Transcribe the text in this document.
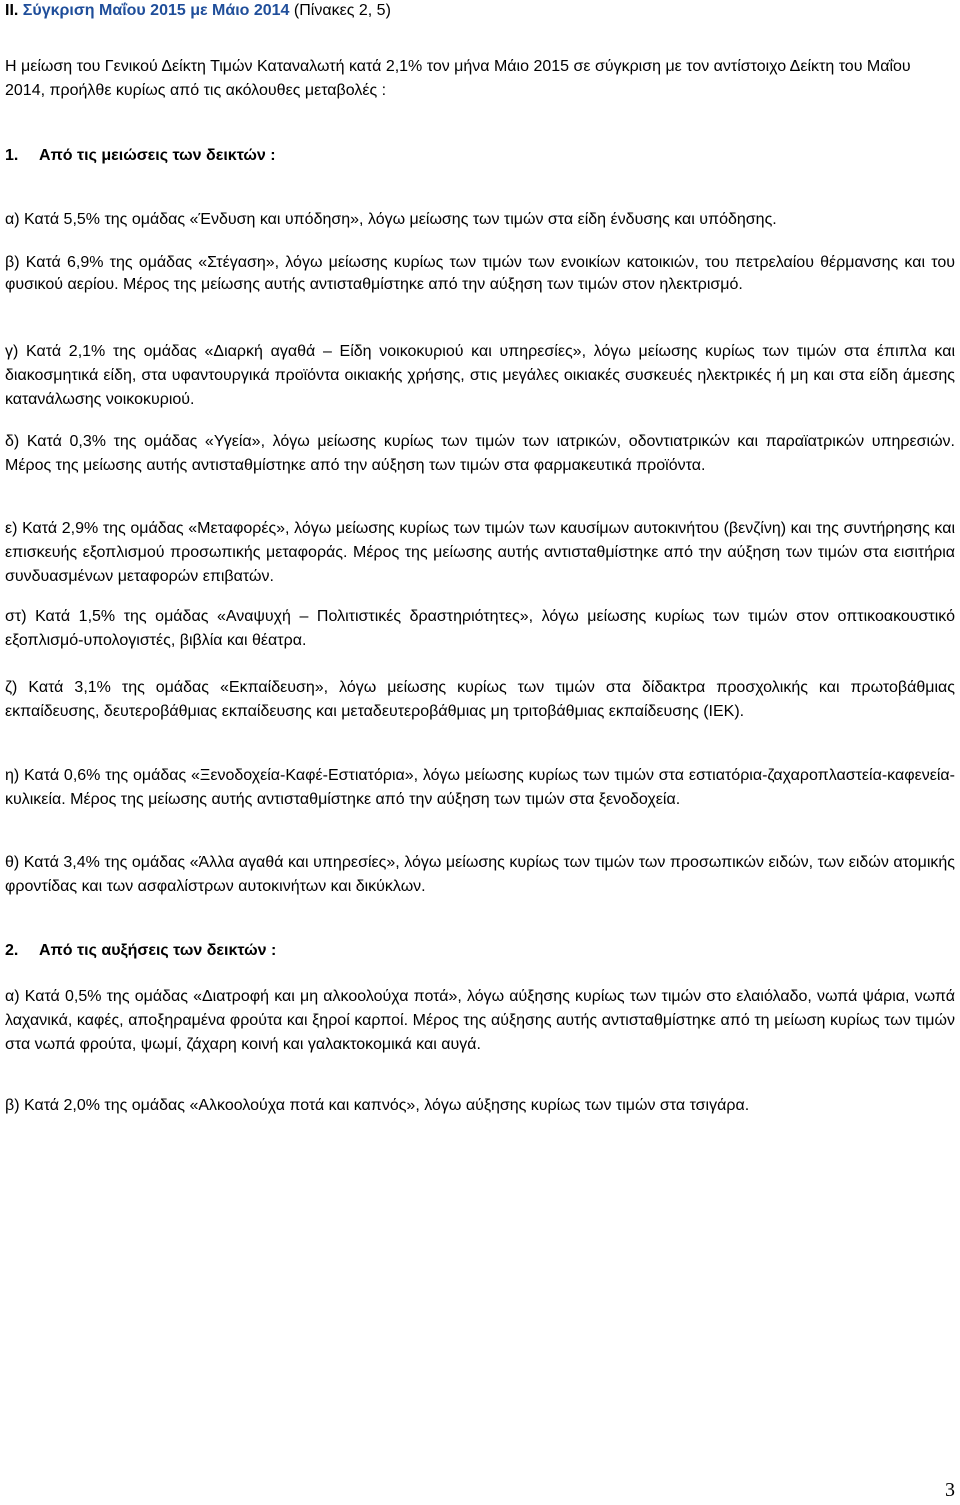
II. Σύγκριση Μαΐου 2015 με Μάιο 2014 (Πίνακες 2, 5)
Η μείωση του Γενικού Δείκτη Τιμών Καταναλωτή κατά 2,1% τον μήνα Μάιο 2015 σε σύγκριση με τον αντίστοιχο Δείκτη του Μαΐου 2014, προήλθε κυρίως από τις ακόλουθες μεταβολές :
1. Από τις μειώσεις των δεικτών :
α) Κατά 5,5% της ομάδας «Ένδυση και υπόδηση», λόγω μείωσης των τιμών στα είδη ένδυσης και υπόδησης.
β) Κατά 6,9% της ομάδας «Στέγαση», λόγω μείωσης κυρίως των τιμών των ενοικίων κατοικιών, του πετρελαίου θέρμανσης και του φυσικού αερίου. Μέρος της μείωσης αυτής αντισταθμίστηκε από την αύξηση των τιμών στον ηλεκτρισμό.
γ) Κατά 2,1% της ομάδας «Διαρκή αγαθά – Είδη νοικοκυριού και υπηρεσίες», λόγω μείωσης κυρίως των τιμών στα έπιπλα και διακοσμητικά είδη, στα υφαντουργικά προϊόντα οικιακής χρήσης, στις μεγάλες οικιακές συσκευές ηλεκτρικές ή μη και στα είδη άμεσης κατανάλωσης νοικοκυριού.
δ) Κατά 0,3% της ομάδας «Υγεία», λόγω μείωσης κυρίως των τιμών των ιατρικών, οδοντιατρικών και παραϊατρικών υπηρεσιών. Μέρος της μείωσης αυτής αντισταθμίστηκε από την αύξηση των τιμών στα φαρμακευτικά προϊόντα.
ε) Κατά 2,9% της ομάδας «Μεταφορές», λόγω μείωσης κυρίως των τιμών των καυσίμων αυτοκινήτου (βενζίνη) και της συντήρησης και επισκευής εξοπλισμού προσωπικής μεταφοράς. Μέρος της μείωσης αυτής αντισταθμίστηκε από την αύξηση των τιμών στα εισιτήρια συνδυασμένων μεταφορών επιβατών.
στ) Κατά 1,5% της ομάδας «Αναψυχή – Πολιτιστικές δραστηριότητες», λόγω μείωσης κυρίως των τιμών στον οπτικοακουστικό εξοπλισμό-υπολογιστές, βιβλία και θέατρα.
ζ) Κατά 3,1% της ομάδας «Εκπαίδευση», λόγω μείωσης κυρίως των τιμών στα δίδακτρα προσχολικής και πρωτοβάθμιας εκπαίδευσης, δευτεροβάθμιας εκπαίδευσης και μεταδευτεροβάθμιας μη τριτοβάθμιας εκπαίδευσης (ΙΕΚ).
η) Κατά 0,6% της ομάδας «Ξενοδοχεία-Καφέ-Εστιατόρια», λόγω μείωσης κυρίως των τιμών στα εστιατόρια-ζαχαροπλαστεία-καφενεία-κυλικεία. Μέρος της μείωσης αυτής αντισταθμίστηκε από την αύξηση των τιμών στα ξενοδοχεία.
θ) Κατά 3,4% της ομάδας «Άλλα αγαθά και υπηρεσίες», λόγω μείωσης κυρίως των τιμών των προσωπικών ειδών, των ειδών ατομικής φροντίδας και των ασφαλίστρων αυτοκινήτων και δικύκλων.
2. Από τις αυξήσεις των δεικτών :
α) Κατά 0,5% της ομάδας «Διατροφή και μη αλκοολούχα ποτά», λόγω αύξησης κυρίως των τιμών στο ελαιόλαδο, νωπά ψάρια, νωπά λαχανικά, καφές, αποξηραμένα φρούτα και ξηροί καρποί. Μέρος της αύξησης αυτής αντισταθμίστηκε από τη μείωση κυρίως των τιμών στα νωπά φρούτα, ψωμί, ζάχαρη κοινή και γαλακτοκομικά και αυγά.
β) Κατά 2,0% της ομάδας «Αλκοολούχα ποτά και καπνός», λόγω αύξησης κυρίως των τιμών στα τσιγάρα.
3
